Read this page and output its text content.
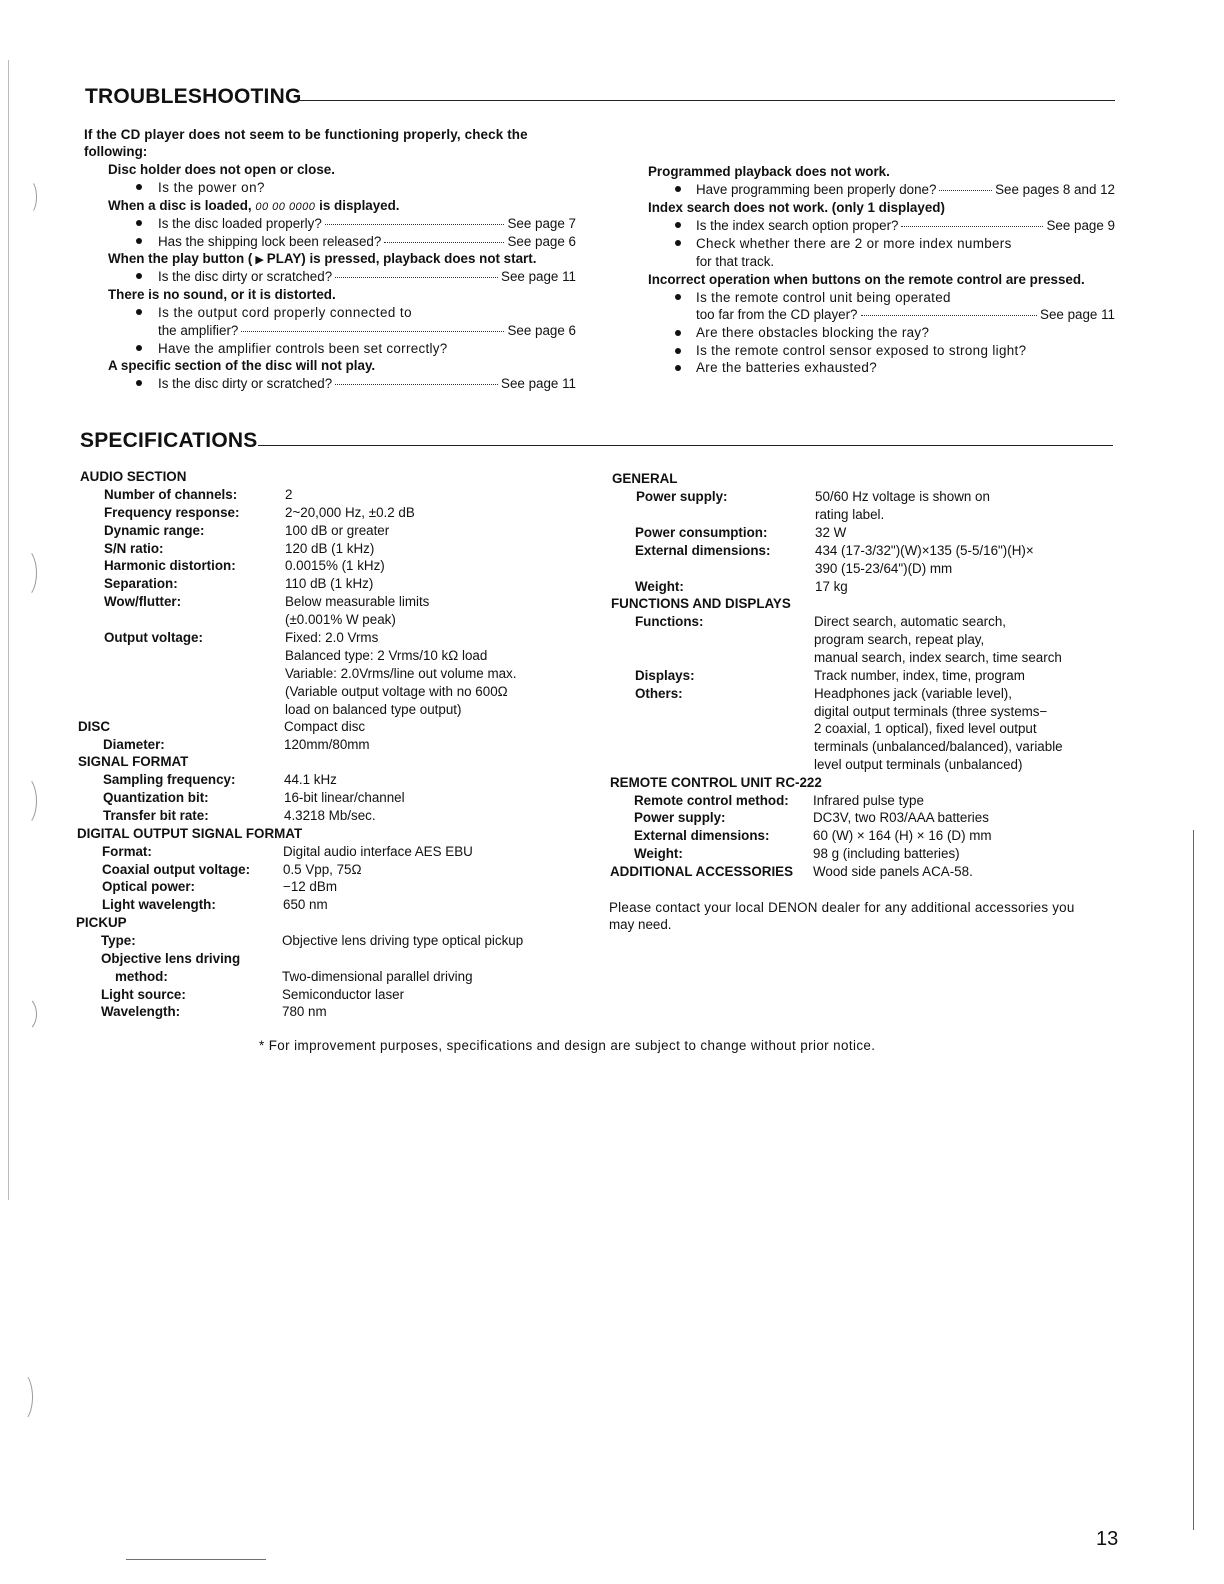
TROUBLESHOOTING
If the CD player does not seem to be functioning properly, check the
following:
Disc holder does not open or close.
Is the power on?
When a disc is loaded, 00 00 0000 is displayed.
Is the disc loaded properly?	See page 7
Has the shipping lock been released?	See page 6
When the play button ( ▶ PLAY) is pressed, playback does not start.
Is the disc dirty or scratched?	See page 11
There is no sound, or it is distorted.
Is the output cord properly connected to
the amplifier?	See page 6
Have the amplifier controls been set correctly?
A specific section of the disc will not play.
Is the disc dirty or scratched?	See page 11
Programmed playback does not work.
Have programming been properly done?	See pages 8 and 12
Index search does not work. (only 1 displayed)
Is the index search option proper?	See page 9
Check whether there are 2 or more index numbers
for that track.
Incorrect operation when buttons on the remote control are pressed.
Is the remote control unit being operated
too far from the CD player?	See page 11
Are there obstacles blocking the ray?
Is the remote control sensor exposed to strong light?
Are the batteries exhausted?
SPECIFICATIONS
AUDIO SECTION
Number of channels:	2
Frequency response:	2~20,000 Hz, ±0.2 dB
Dynamic range:	100 dB or greater
S/N ratio:	120 dB (1 kHz)
Harmonic distortion:	0.0015% (1 kHz)
Separation:	110 dB (1 kHz)
Wow/flutter:	Below measurable limits
(±0.001% W peak)
Output voltage:	Fixed: 2.0 Vrms
Balanced type: 2 Vrms/10 kΩ load
Variable: 2.0Vrms/line out volume max.
(Variable output voltage with no 600Ω
load on balanced type output)
DISC	Compact disc
Diameter:	120mm/80mm
SIGNAL FORMAT
Sampling frequency:	44.1 kHz
Quantization bit:	16-bit linear/channel
Transfer bit rate:	4.3218 Mb/sec.
DIGITAL OUTPUT SIGNAL FORMAT
Format:	Digital audio interface AES EBU
Coaxial output voltage: 0.5 Vpp, 75Ω
Optical power:	−12 dBm
Light wavelength:	650 nm
PICKUP
Type:	Objective lens driving type optical pickup
Objective lens driving
method:	Two-dimensional parallel driving
Light source:	Semiconductor laser
Wavelength:	780 nm
GENERAL
Power supply:	50/60 Hz voltage is shown on
rating label.
Power consumption:	32 W
External dimensions:	434 (17-3/32")(W)×135 (5-5/16")(H)×
390 (15-23/64")(D) mm
Weight:	17 kg
FUNCTIONS AND DISPLAYS
Functions:	Direct search, automatic search,
program search, repeat play,
manual search, index search, time search
Displays:	Track number, index, time, program
Others:	Headphones jack (variable level),
digital output terminals (three systems−
2 coaxial, 1 optical), fixed level output
terminals (unbalanced/balanced), variable
level output terminals (unbalanced)
REMOTE CONTROL UNIT RC-222
Remote control method: Infrared pulse type
Power supply:	DC3V, two R03/AAA batteries
External dimensions:	60 (W) × 164 (H) × 16 (D) mm
Weight:	98 g (including batteries)
ADDITIONAL ACCESSORIES Wood side panels ACA-58.
Please contact your local DENON dealer for any additional accessories you
may need.
* For improvement purposes, specifications and design are subject to change without prior notice.
13
